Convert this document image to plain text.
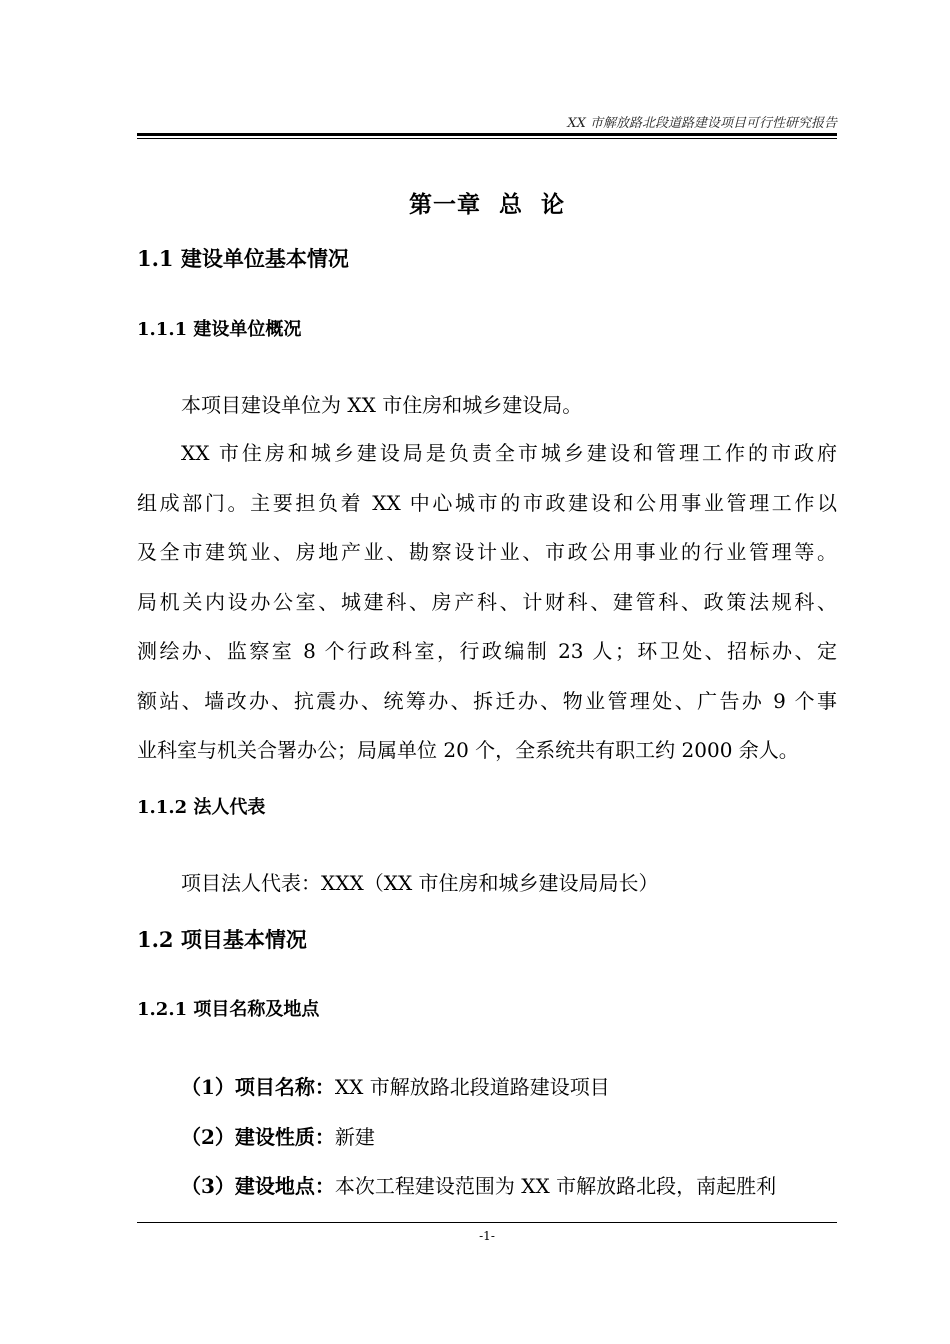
XX 市解放路北段道路建设项目可行性研究报告
第一章  总  论
1.1 建设单位基本情况
1.1.1 建设单位概况
本项目建设单位为 XX 市住房和城乡建设局。
XX 市住房和城乡建设局是负责全市城乡建设和管理工作的市政府
组成部门。主要担负着 XX 中心城市的市政建设和公用事业管理工作以
及全市建筑业、房地产业、勘察设计业、市政公用事业的行业管理等。
局机关内设办公室、城建科、房产科、计财科、建管科、政策法规科、
测绘办、监察室 8 个行政科室，行政编制 23 人；环卫处、招标办、定
额站、墙改办、抗震办、统筹办、拆迁办、物业管理处、广告办 9 个事
业科室与机关合署办公；局属单位 20 个，全系统共有职工约 2000 余人。
1.1.2 法人代表
项目法人代表：XXX（XX 市住房和城乡建设局局长）
1.2 项目基本情况
1.2.1 项目名称及地点
（1）项目名称：XX 市解放路北段道路建设项目
（2）建设性质：新建
（3）建设地点：本次工程建设范围为 XX 市解放路北段，南起胜利
-1-
